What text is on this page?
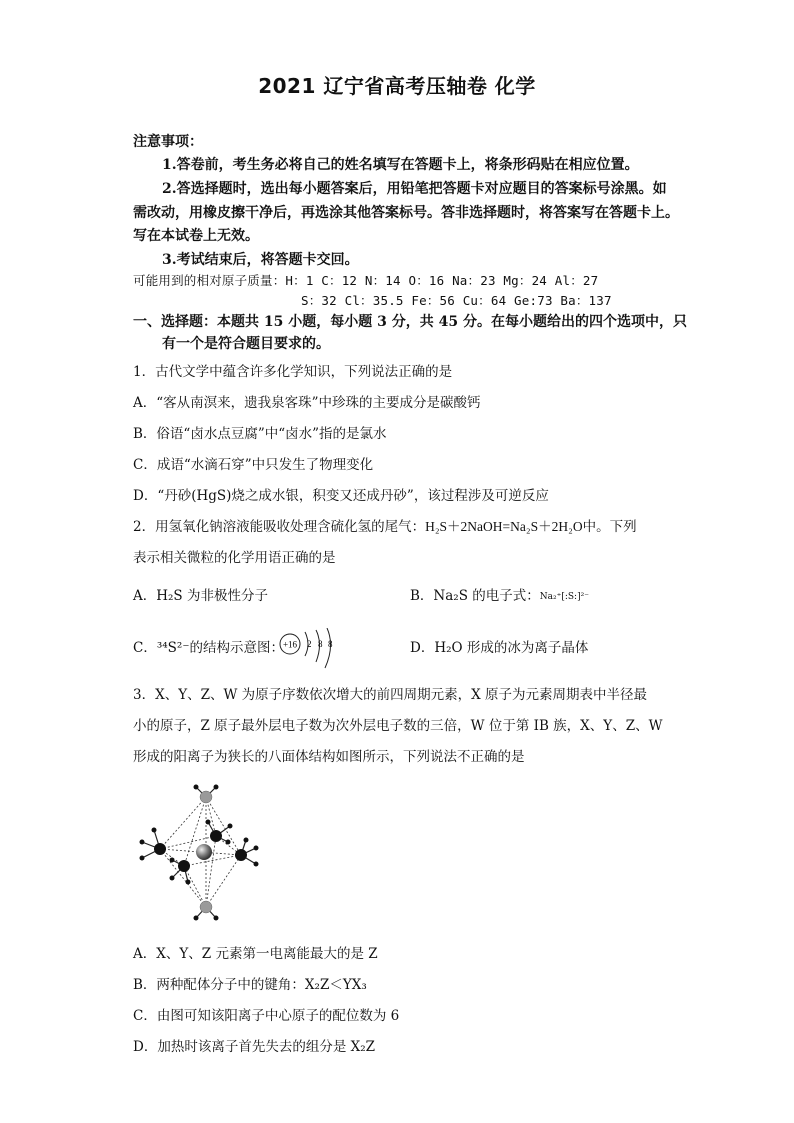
2021 辽宁省高考压轴卷 化学
注意事项：
1.答卷前，考生务必将自己的姓名填写在答题卡上，将条形码贴在相应位置。
2.答选择题时，选出每小题答案后，用铅笔把答题卡对应题目的答案标号涂黑。如
需改动，用橡皮擦干净后，再选涂其他答案标号。答非选择题时，将答案写在答题卡上。
写在本试卷上无效。
3.考试结束后，将答题卡交回。
可能用到的相对原子质量：H：1 C：12 N：14 O：16 Na：23 Mg：24 Al：27
S：32 Cl：35.5 Fe：56 Cu：64 Ge:73 Ba：137
一、选择题：本题共 15 小题，每小题 3 分，共 45 分。在每小题给出的四个选项中，只
有一个是符合题目要求的。
1．古代文学中蕴含许多化学知识，下列说法正确的是
A．“客从南溟来，遗我泉客珠”中珍珠的主要成分是碳酸钙
B．俗语“卤水点豆腐”中“卤水”指的是氯水
C．成语“水滴石穿”中只发生了物理变化
D．“丹砂(HgS)烧之成水银，积变又还成丹砂”，该过程涉及可逆反应
2．用氢氧化钠溶液能吸收处理含硫化氢的尾气：H₂S＋2NaOH=Na₂S＋2H₂O中。下列
表示相关微粒的化学用语正确的是
A．H₂S 为非极性分子	B．Na₂S 的电子式：Na₂⁺[:S:]²⁻
C．³⁴S²⁻的结构示意图： +16 2 8 8	D．H₂O 形成的冰为离子晶体
3．X、Y、Z、W 为原子序数依次增大的前四周期元素，X 原子为元素周期表中半径最
小的原子，Z 原子最外层电子数为次外层电子数的三倍，W 位于第 IB 族，X、Y、Z、W
形成的阳离子为狭长的八面体结构如图所示，下列说法不正确的是
A．X、Y、Z 元素第一电离能最大的是 Z
B．两种配体分子中的键角：X₂Z＜YX₃
C．由图可知该阳离子中心原子的配位数为 6
D．加热时该离子首先失去的组分是 X₂Z
